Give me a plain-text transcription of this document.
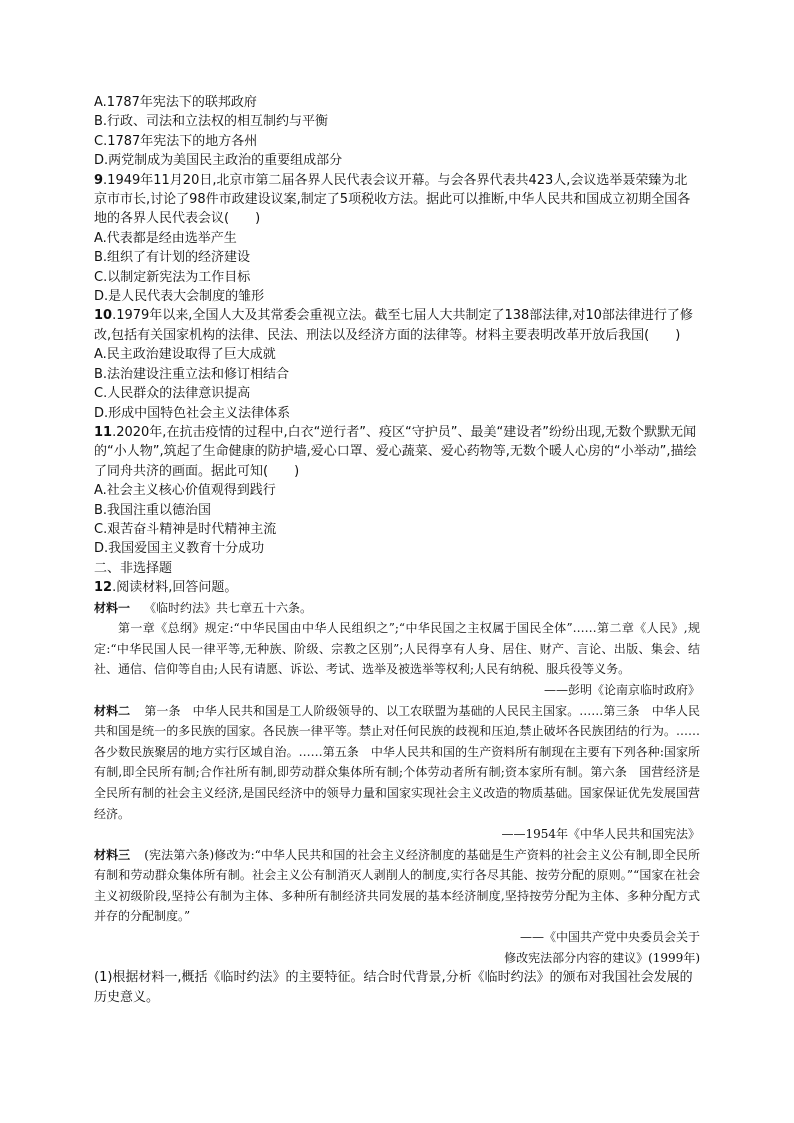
A.1787年宪法下的联邦政府
B.行政、司法和立法权的相互制约与平衡
C.1787年宪法下的地方各州
D.两党制成为美国民主政治的重要组成部分
9.1949年11月20日,北京市第二届各界人民代表会议开幕。与会各界代表共423人,会议选举聂荣臻为北京市市长,讨论了98件市政建设议案,制定了5项税收方法。据此可以推断,中华人民共和国成立初期全国各地的各界人民代表会议(　　)
A.代表都是经由选举产生
B.组织了有计划的经济建设
C.以制定新宪法为工作目标
D.是人民代表大会制度的雏形
10.1979年以来,全国人大及其常委会重视立法。截至七届人大共制定了138部法律,对10部法律进行了修改,包括有关国家机构的法律、民法、刑法以及经济方面的法律等。材料主要表明改革开放后我国(　　)
A.民主政治建设取得了巨大成就
B.法治建设注重立法和修订相结合
C.人民群众的法律意识提高
D.形成中国特色社会主义法律体系
11.2020年,在抗击疫情的过程中,白衣“逆行者”、疫区“守护员”、最美“建设者”纷纷出现,无数个默默无闻的“小人物”,筑起了生命健康的防护墙,爱心口罩、爱心蔬菜、爱心药物等,无数个暖人心房的“小举动”,描绘了同舟共济的画面。据此可知(　　)
A.社会主义核心价值观得到践行
B.我国注重以德治国
C.艰苦奋斗精神是时代精神主流
D.我国爱国主义教育十分成功
二、非选择题
12.阅读材料,回答问题。
材料一 《临时约法》共七章五十六条。
第一章《总纲》规定:“中华民国由中华人民组织之”;“中华民国之主权属于国民全体”……第二章《人民》,规定:“中华民国人民一律平等,无种族、阶级、宗教之区别”;人民得享有人身、居住、财产、言论、出版、集会、结社、通信、信仰等自由;人民有请愿、诉讼、考试、选举及被选举等权利;人民有纳税、服兵役等义务。
——彭明《论南京临时政府》
材料二 第一条　中华人民共和国是工人阶级领导的、以工农联盟为基础的人民民主国家。……第三条　中华人民共和国是统一的多民族的国家。各民族一律平等。禁止对任何民族的歧视和压迫,禁止破坏各民族团结的行为。……各少数民族聚居的地方实行区域自治。……第五条　中华人民共和国的生产资料所有制现在主要有下列各种:国家所有制,即全民所有制;合作社所有制,即劳动群众集体所有制;个体劳动者所有制;资本家所有制。第六条　国营经济是全民所有制的社会主义经济,是国民经济中的领导力量和国家实现社会主义改造的物质基础。国家保证优先发展国营经济。
——1954年《中华人民共和国宪法》
材料三 (宪法第六条)修改为:“中华人民共和国的社会主义经济制度的基础是生产资料的社会主义公有制,即全民所有制和劳动群众集体所有制。社会主义公有制消灭人剥削人的制度,实行各尽其能、按劳分配的原则。”“国家在社会主义初级阶段,坚持公有制为主体、多种所有制经济共同发展的基本经济制度,坚持按劳分配为主体、多种分配方式并存的分配制度。”
——《中国共产党中央委员会关于
修改宪法部分内容的建议》(1999年)
(1)根据材料一,概括《临时约法》的主要特征。结合时代背景,分析《临时约法》的颁布对我国社会发展的历史意义。
